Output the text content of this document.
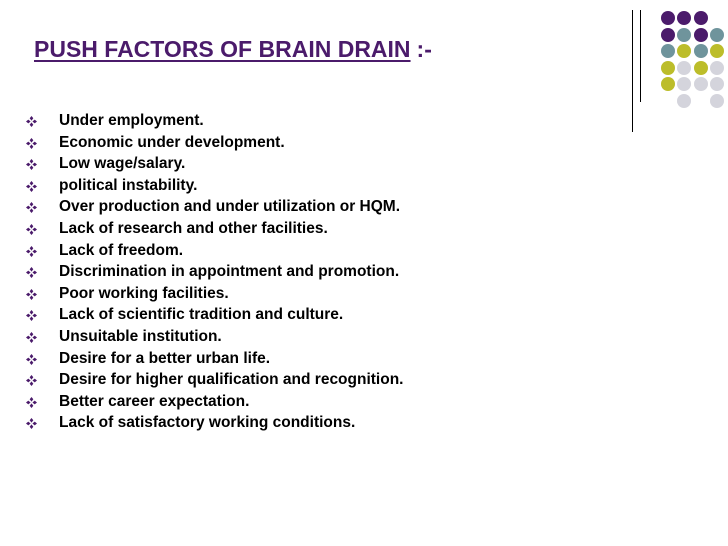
PUSH FACTORS OF BRAIN DRAIN :-
Under employment.
Economic under development.
Low wage/salary.
political instability.
Over production and under utilization or HQM.
Lack of research and other facilities.
Lack of freedom.
Discrimination in appointment and promotion.
Poor working facilities.
Lack of scientific tradition and culture.
Unsuitable institution.
Desire for a better urban life.
Desire for higher qualification and recognition.
Better career expectation.
Lack of satisfactory working conditions.
